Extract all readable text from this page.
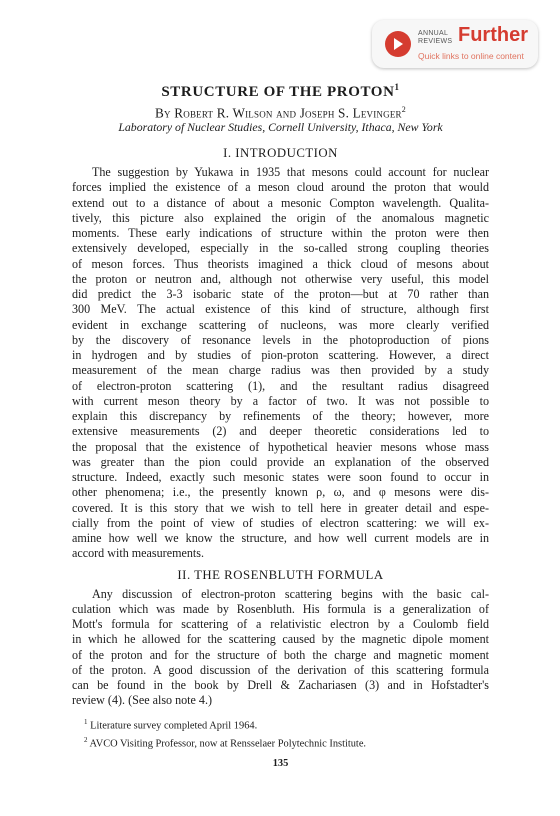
ANNUAL
REVIEWS Further
Quick links to online content
STRUCTURE OF THE PROTON$^1$
By Robert R. Wilson and Joseph S. Levinger$^2$
Laboratory of Nuclear Studies, Cornell University, Ithaca, New York
I. INTRODUCTION
The suggestion by Yukawa in 1935 that mesons could account for nuclear
forces implied the existence of a meson cloud around the proton that would
extend out to a distance of about a mesonic Compton wavelength. Qualita-
tively, this picture also explained the origin of the anomalous magnetic
moments. These early indications of structure within the proton were then
extensively developed, especially in the so-called strong coupling theories
of meson forces. Thus theorists imagined a thick cloud of mesons about
the proton or neutron and, although not otherwise very useful, this model
did predict the 3-3 isobaric state of the proton—but at 70 rather than
300 MeV. The actual existence of this kind of structure, although first
evident in exchange scattering of nucleons, was more clearly verified
by the discovery of resonance levels in the photoproduction of pions
in hydrogen and by studies of pion-proton scattering. However, a direct
measurement of the mean charge radius was then provided by a study
of electron-proton scattering (1), and the resultant radius disagreed
with current meson theory by a factor of two. It was not possible to
explain this discrepancy by refinements of the theory; however, more
extensive measurements (2) and deeper theoretic considerations led to
the proposal that the existence of hypothetical heavier mesons whose mass
was greater than the pion could provide an explanation of the observed
structure. Indeed, exactly such mesonic states were soon found to occur in
other phenomena; i.e., the presently known ρ, ω, and φ mesons were dis-
covered. It is this story that we wish to tell here in greater detail and espe-
cially from the point of view of studies of electron scattering: we will ex-
amine how well we know the structure, and how well current models are in
accord with measurements.
II. THE ROSENBLUTH FORMULA
Any discussion of electron-proton scattering begins with the basic cal-
culation which was made by Rosenbluth. His formula is a generalization of
Mott's formula for scattering of a relativistic electron by a Coulomb field
in which he allowed for the scattering caused by the magnetic dipole moment
of the proton and for the structure of both the charge and magnetic moment
of the proton. A good discussion of the derivation of this scattering formula
can be found in the book by Drell & Zachariasen (3) and in Hofstadter's
review (4). (See also note 4.)
$^1$ Literature survey completed April 1964.
$^2$ AVCO Visiting Professor, now at Rensselaer Polytechnic Institute.
135
